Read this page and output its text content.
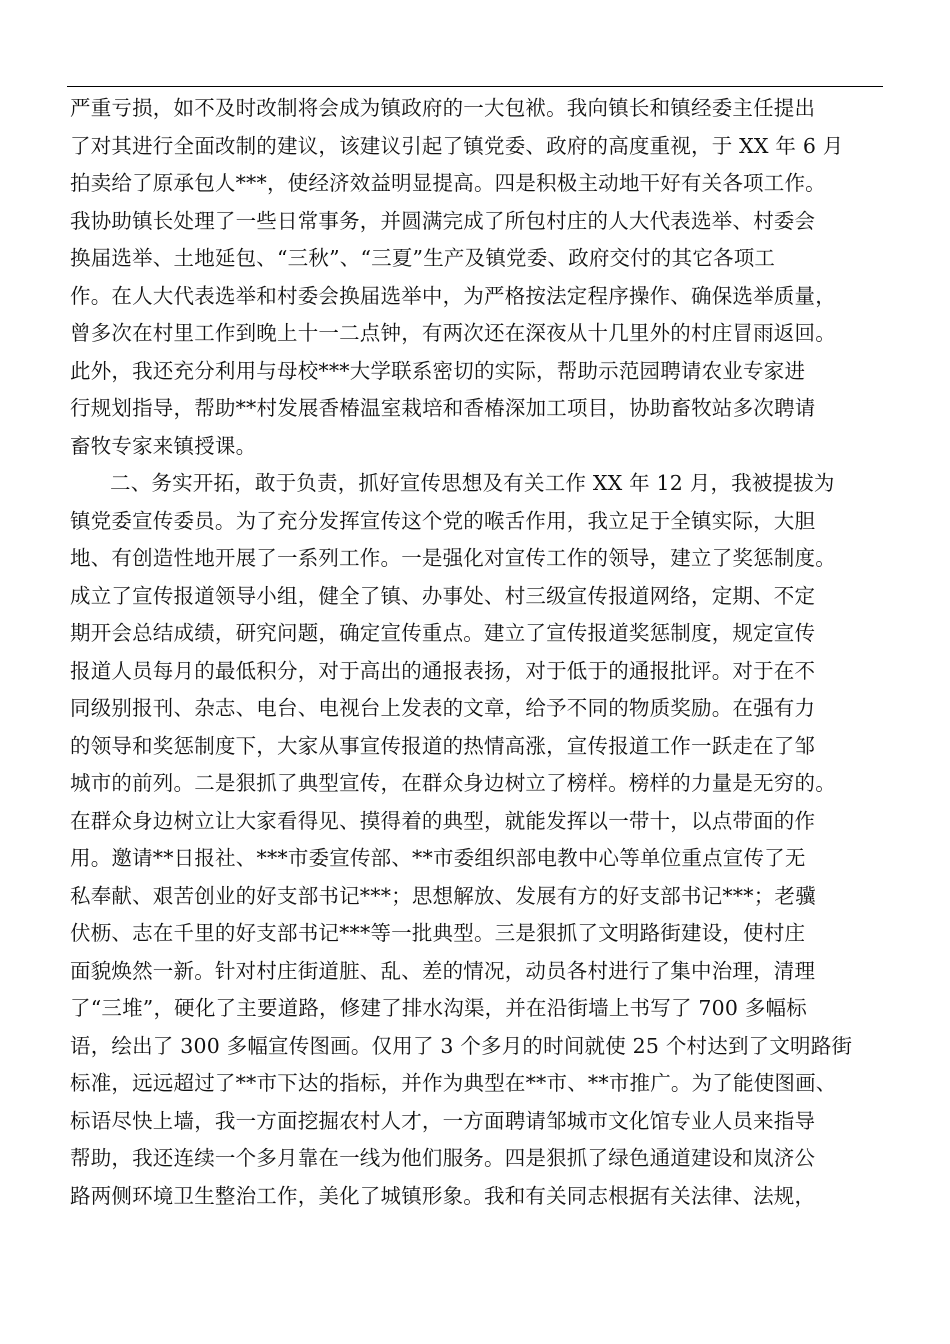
严重亏损，如不及时改制将会成为镇政府的一大包袱。我向镇长和镇经委主任提出
了对其进行全面改制的建议，该建议引起了镇党委、政府的高度重视，于 XX 年 6 月
拍卖给了原承包人***，使经济效益明显提高。四是积极主动地干好有关各项工作。
我协助镇长处理了一些日常事务，并圆满完成了所包村庄的人大代表选举、村委会
换届选举、土地延包、“三秋”、“三夏”生产及镇党委、政府交付的其它各项工
作。在人大代表选举和村委会换届选举中，为严格按法定程序操作、确保选举质量，
曾多次在村里工作到晚上十一二点钟，有两次还在深夜从十几里外的村庄冒雨返回。
此外，我还充分利用与母校***大学联系密切的实际，帮助示范园聘请农业专家进
行规划指导，帮助**村发展香椿温室栽培和香椿深加工项目，协助畜牧站多次聘请
畜牧专家来镇授课。
二、务实开拓，敢于负责，抓好宣传思想及有关工作 XX 年 12 月，我被提拔为
镇党委宣传委员。为了充分发挥宣传这个党的喉舌作用，我立足于全镇实际，大胆
地、有创造性地开展了一系列工作。一是强化对宣传工作的领导，建立了奖惩制度。
成立了宣传报道领导小组，健全了镇、办事处、村三级宣传报道网络，定期、不定
期开会总结成绩，研究问题，确定宣传重点。建立了宣传报道奖惩制度，规定宣传
报道人员每月的最低积分，对于高出的通报表扬，对于低于的通报批评。对于在不
同级别报刊、杂志、电台、电视台上发表的文章，给予不同的物质奖励。在强有力
的领导和奖惩制度下，大家从事宣传报道的热情高涨，宣传报道工作一跃走在了邹
城市的前列。二是狠抓了典型宣传，在群众身边树立了榜样。榜样的力量是无穷的。
在群众身边树立让大家看得见、摸得着的典型，就能发挥以一带十，以点带面的作
用。邀请**日报社、***市委宣传部、**市委组织部电教中心等单位重点宣传了无
私奉献、艰苦创业的好支部书记***；思想解放、发展有方的好支部书记***；老骥
伏枥、志在千里的好支部书记***等一批典型。三是狠抓了文明路街建设，使村庄
面貌焕然一新。针对村庄街道脏、乱、差的情况，动员各村进行了集中治理，清理
了“三堆”，硬化了主要道路，修建了排水沟渠，并在沿街墙上书写了 700 多幅标
语，绘出了 300 多幅宣传图画。仅用了 3 个多月的时间就使 25 个村达到了文明路街
标准，远远超过了**市下达的指标，并作为典型在**市、**市推广。为了能使图画、
标语尽快上墙，我一方面挖掘农村人才，一方面聘请邹城市文化馆专业人员来指导
帮助，我还连续一个多月靠在一线为他们服务。四是狠抓了绿色通道建设和岚济公
路两侧环境卫生整治工作，美化了城镇形象。我和有关同志根据有关法律、法规，
